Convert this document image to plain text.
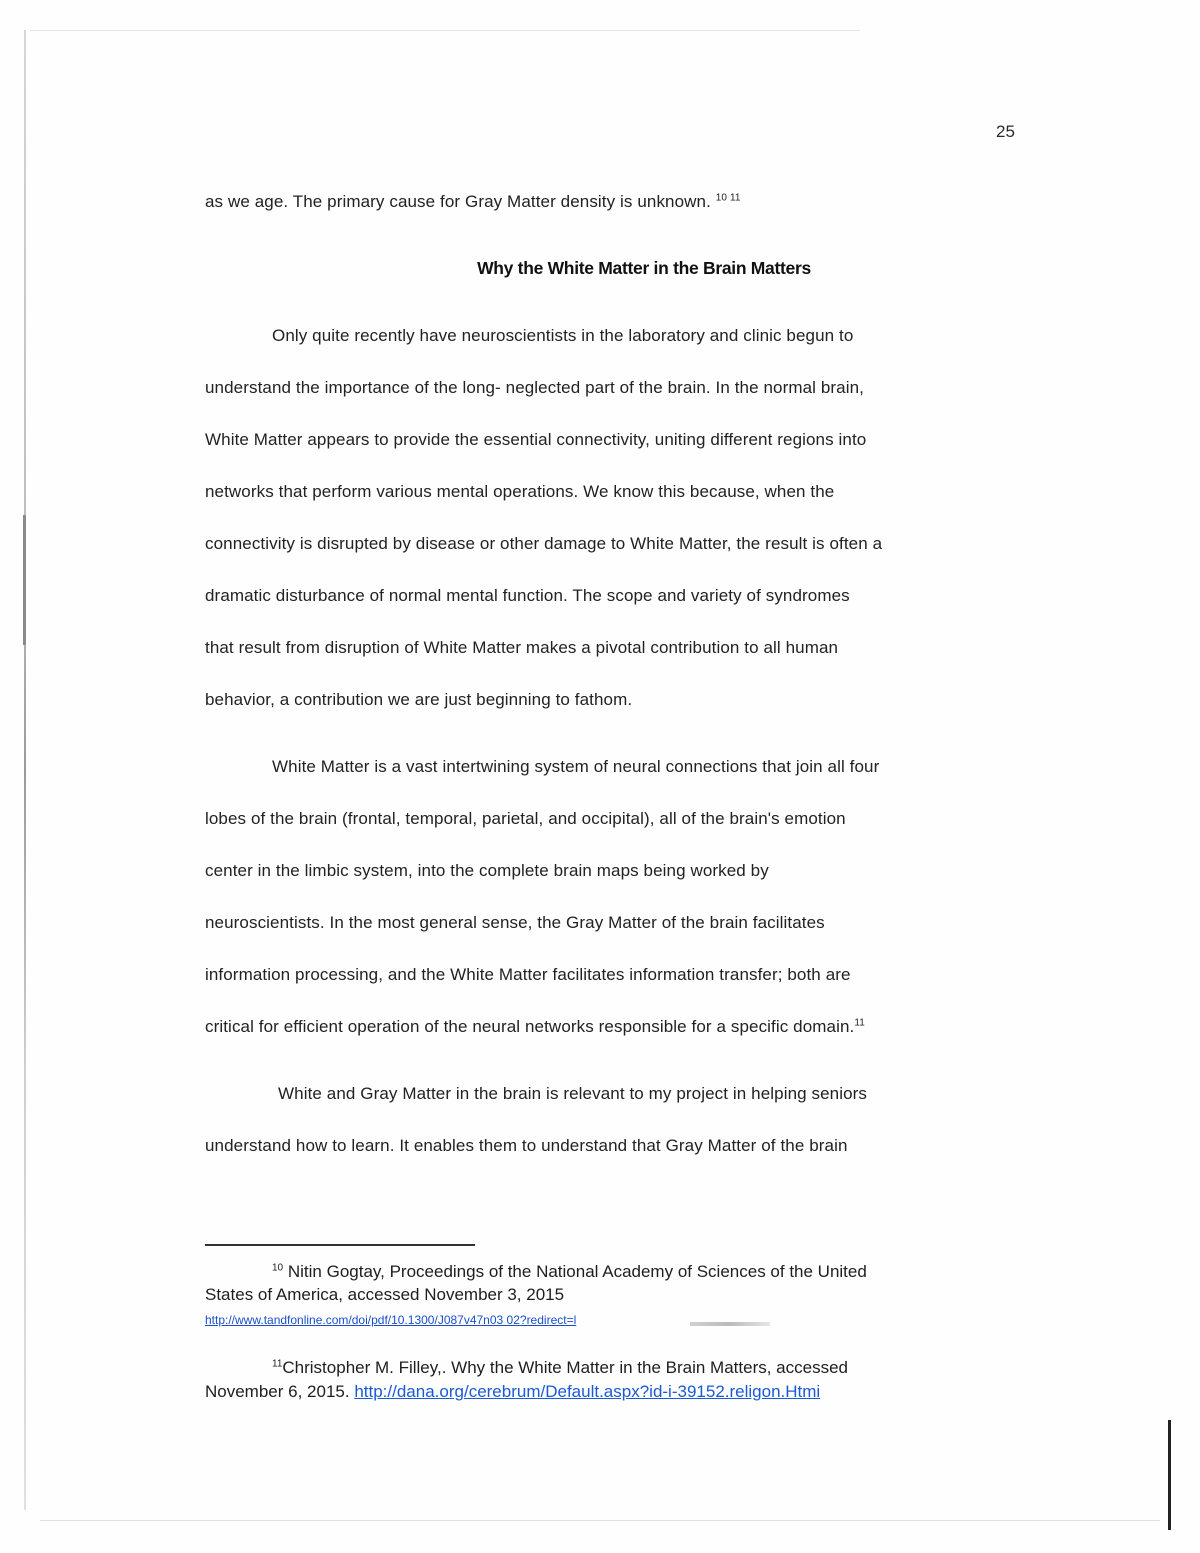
25
as we age. The primary cause for Gray Matter density is unknown. $^{10 11}$
Why the White Matter in the Brain Matters
Only quite recently have neuroscientists in the laboratory and clinic begun to
understand the importance of the long- neglected part of the brain. In the normal brain,
White Matter appears to provide the essential connectivity, uniting different regions into
networks that perform various mental operations. We know this because, when the
connectivity is disrupted by disease or other damage to White Matter, the result is often a
dramatic disturbance of normal mental function. The scope and variety of syndromes
that result from disruption of White Matter makes a pivotal contribution to all human
behavior, a contribution we are just beginning to fathom.
White Matter is a vast intertwining system of neural connections that join all four
lobes of the brain (frontal, temporal, parietal, and occipital), all of the brain's emotion
center in the limbic system, into the complete brain maps being worked by
neuroscientists. In the most general sense, the Gray Matter of the brain facilitates
information processing, and the White Matter facilitates information transfer; both are
critical for efficient operation of the neural networks responsible for a specific domain.$^{11}$
White and Gray Matter in the brain is relevant to my project in helping seniors
understand how to learn. It enables them to understand that Gray Matter of the brain
$^{10}$ Nitin Gogtay, Proceedings of the National Academy of Sciences of the United
States of America, accessed November 3, 2015
http://www.tandfonline.com/doi/pdf/10.1300/J087v47n03 02?redirect=l
$^{11}$Christopher M. Filley,. Why the White Matter in the Brain Matters, accessed
November 6, 2015. http://dana.org/cerebrum/Default.aspx?id-i-39152.religon.Htmi
